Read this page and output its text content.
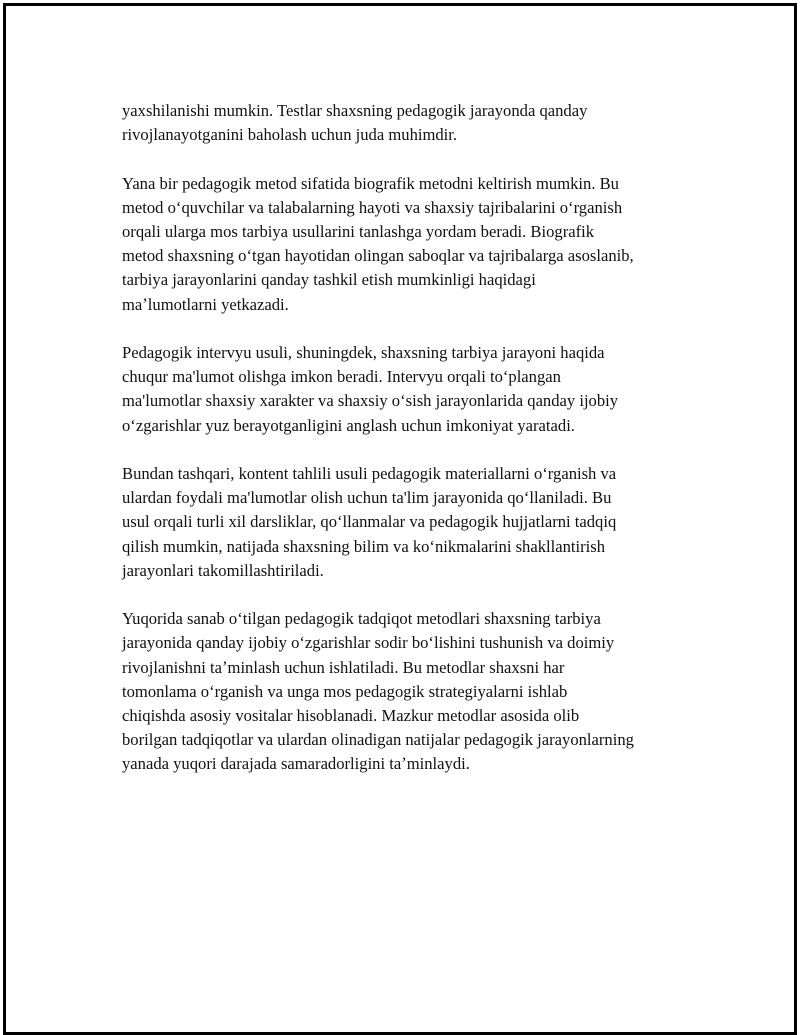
yaxshilanishi mumkin. Testlar shaxsning pedagogik jarayonda qanday
rivojlanayotganini baholash uchun juda muhimdir.

Yana bir pedagogik metod sifatida biografik metodni keltirish mumkin. Bu
metod oʻquvchilar va talabalarning hayoti va shaxsiy tajribalarini oʻrganish
orqali ularga mos tarbiya usullarini tanlashga yordam beradi. Biografik
metod shaxsning oʻtgan hayotidan olingan saboqlar va tajribalarga asoslanib,
tarbiya jarayonlarini qanday tashkil etish mumkinligi haqidagi
maʼlumotlarni yetkazadi.

Pedagogik intervyu usuli, shuningdek, shaxsning tarbiya jarayoni haqida
chuqur ma'lumot olishga imkon beradi. Intervyu orqali toʻplangan
ma'lumotlar shaxsiy xarakter va shaxsiy oʻsish jarayonlarida qanday ijobiy
oʻzgarishlar yuz berayotganligini anglash uchun imkoniyat yaratadi.

Bundan tashqari, kontent tahlili usuli pedagogik materiallarni oʻrganish va
ulardan foydali ma'lumotlar olish uchun ta'lim jarayonida qoʻllaniladi. Bu
usul orqali turli xil darsliklar, qoʻllanmalar va pedagogik hujjatlarni tadqiq
qilish mumkin, natijada shaxsning bilim va koʻnikmalarini shakllantirish
jarayonlari takomillashtiriladi.

Yuqorida sanab oʻtilgan pedagogik tadqiqot metodlari shaxsning tarbiya
jarayonida qanday ijobiy oʻzgarishlar sodir boʻlishini tushunish va doimiy
rivojlanishni taʼminlash uchun ishlatiladi. Bu metodlar shaxsni har
tomonlama oʻrganish va unga mos pedagogik strategiyalarni ishlab
chiqishda asosiy vositalar hisoblanadi. Mazkur metodlar asosida olib
borilgan tadqiqotlar va ulardan olinadigan natijalar pedagogik jarayonlarning
yanada yuqori darajada samaradorligini taʼminlaydi.
